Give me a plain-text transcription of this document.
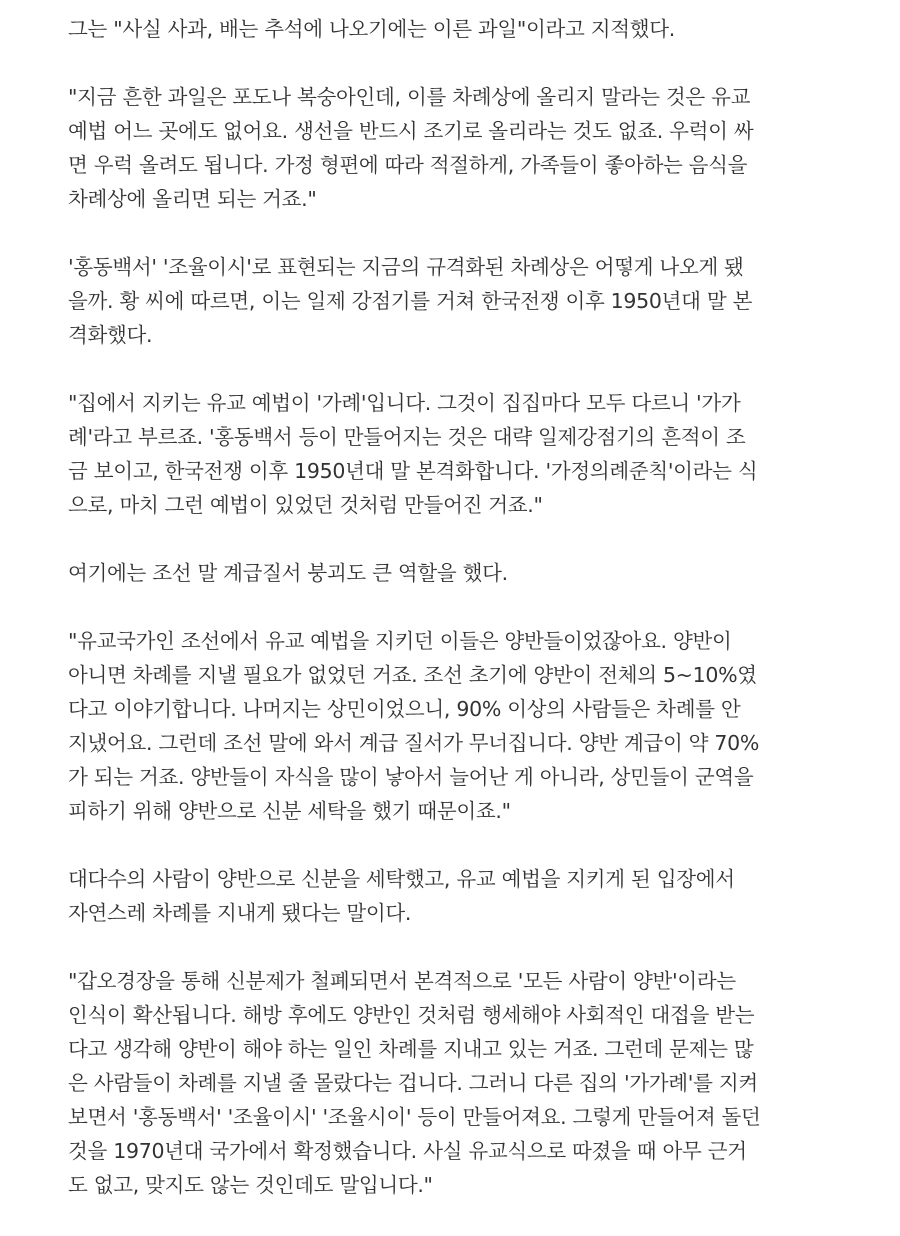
그는 "사실 사과, 배는 추석에 나오기에는 이른 과일"이라고 지적했다.

"지금 흔한 과일은 포도나 복숭아인데, 이를 차례상에 올리지 말라는 것은 유교
예법 어느 곳에도 없어요. 생선을 반드시 조기로 올리라는 것도 없죠. 우럭이 싸
면 우럭 올려도 됩니다. 가정 형편에 따라 적절하게, 가족들이 좋아하는 음식을
차례상에 올리면 되는 거죠."

'홍동백서' '조율이시'로 표현되는 지금의 규격화된 차례상은 어떻게 나오게 됐
을까. 황 씨에 따르면, 이는 일제 강점기를 거쳐 한국전쟁 이후 1950년대 말 본
격화했다.

"집에서 지키는 유교 예법이 '가례'입니다. 그것이 집집마다 모두 다르니 '가가
례'라고 부르죠. '홍동백서 등이 만들어지는 것은 대략 일제강점기의 흔적이 조
금 보이고, 한국전쟁 이후 1950년대 말 본격화합니다. '가정의례준칙'이라는 식
으로, 마치 그런 예법이 있었던 것처럼 만들어진 거죠."

여기에는 조선 말 계급질서 붕괴도 큰 역할을 했다.

"유교국가인 조선에서 유교 예법을 지키던 이들은 양반들이었잖아요. 양반이
아니면 차례를 지낼 필요가 없었던 거죠. 조선 초기에 양반이 전체의 5~10%였
다고 이야기합니다. 나머지는 상민이었으니, 90% 이상의 사람들은 차례를 안
지냈어요. 그런데 조선 말에 와서 계급 질서가 무너집니다. 양반 계급이 약 70%
가 되는 거죠. 양반들이 자식을 많이 낳아서 늘어난 게 아니라, 상민들이 군역을
피하기 위해 양반으로 신분 세탁을 했기 때문이죠."

대다수의 사람이 양반으로 신분을 세탁했고, 유교 예법을 지키게 된 입장에서
자연스레 차례를 지내게 됐다는 말이다.

"갑오경장을 통해 신분제가 철폐되면서 본격적으로 '모든 사람이 양반'이라는
인식이 확산됩니다. 해방 후에도 양반인 것처럼 행세해야 사회적인 대접을 받는
다고 생각해 양반이 해야 하는 일인 차례를 지내고 있는 거죠. 그런데 문제는 많
은 사람들이 차례를 지낼 줄 몰랐다는 겁니다. 그러니 다른 집의 '가가례'를 지켜
보면서 '홍동백서' '조율이시' '조율시이' 등이 만들어져요. 그렇게 만들어져 돌던
것을 1970년대 국가에서 확정했습니다. 사실 유교식으로 따졌을 때 아무 근거
도 없고, 맞지도 않는 것인데도 말입니다."
